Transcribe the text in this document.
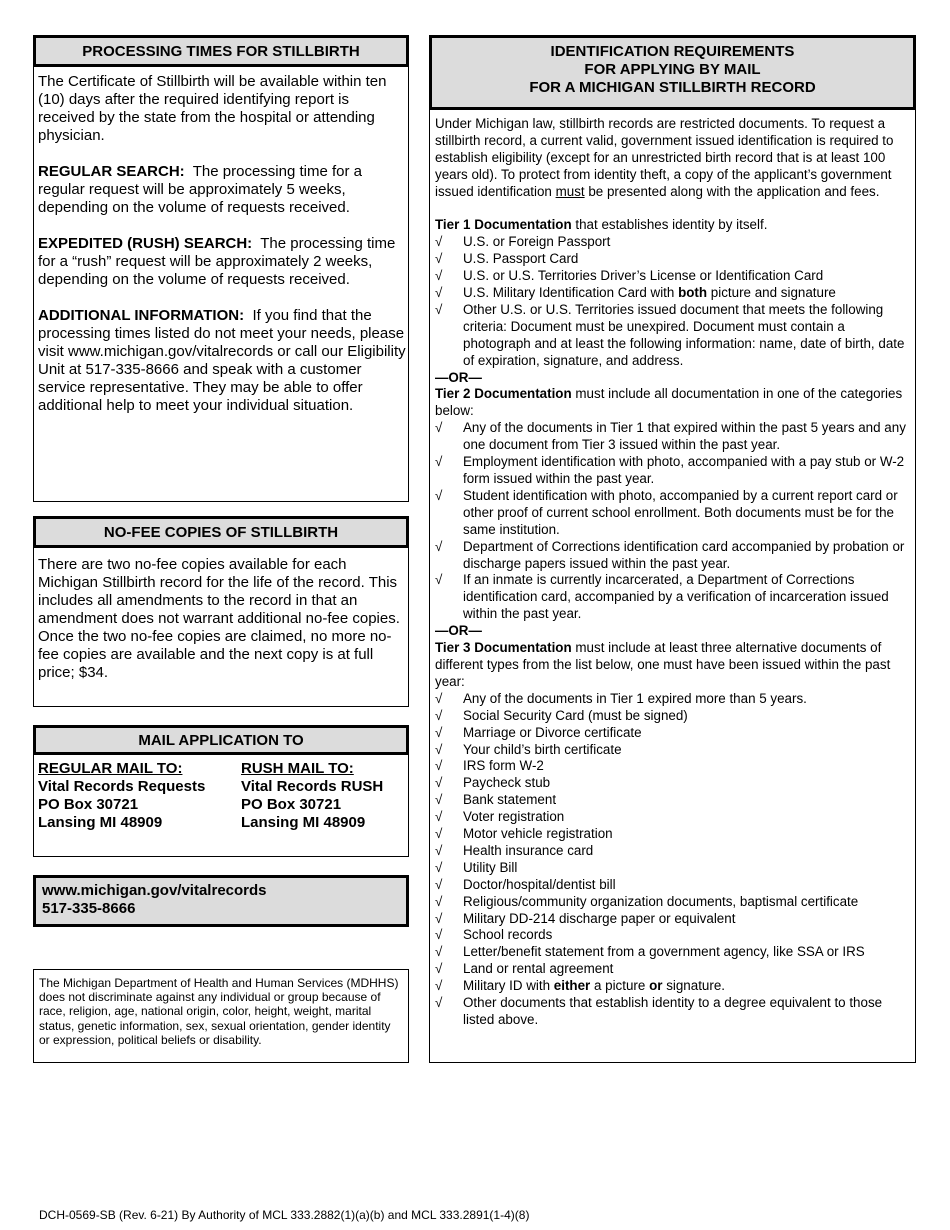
PROCESSING TIMES FOR STILLBIRTH

The Certificate of Stillbirth will be available within ten (10) days after the required identifying report is received by the state from the hospital or attending physician.

REGULAR SEARCH: The processing time for a regular request will be approximately 5 weeks, depending on the volume of requests received.

EXPEDITED (RUSH) SEARCH: The processing time for a “rush” request will be approximately 2 weeks, depending on the volume of requests received.

ADDITIONAL INFORMATION: If you find that the processing times listed do not meet your needs, please visit www.michigan.gov/vitalrecords or call our Eligibility Unit at 517-335-8666 and speak with a customer service representative. They may be able to offer additional help to meet your individual situation.

NO-FEE COPIES OF STILLBIRTH

There are two no-fee copies available for each Michigan Stillbirth record for the life of the record. This includes all amendments to the record in that an amendment does not warrant additional no-fee copies. Once the two no-fee copies are claimed, no more no-fee copies are available and the next copy is at full price; $34.

MAIL APPLICATION TO
REGULAR MAIL TO:
Vital Records Requests
PO Box 30721
Lansing MI 48909
RUSH MAIL TO:
Vital Records RUSH
PO Box 30721
Lansing MI 48909
www.michigan.gov/vitalrecords
517-335-8666

The Michigan Department of Health and Human Services (MDHHS) does not discriminate against any individual or group because of race, religion, age, national origin, color, height, weight, marital status, genetic information, sex, sexual orientation, gender identity or expression, political beliefs or disability.

IDENTIFICATION REQUIREMENTS
FOR APPLYING BY MAIL
FOR A MICHIGAN STILLBIRTH RECORD

Under Michigan law, stillbirth records are restricted documents. To request a stillbirth record, a current valid, government issued identification is required to establish eligibility (except for an unrestricted birth record that is at least 100 years old). To protect from identity theft, a copy of the applicant’s government issued identification must be presented along with the application and fees.

Tier 1 Documentation that establishes identity by itself.

√ U.S. or Foreign Passport
√ U.S. Passport Card
√ U.S. or U.S. Territories Driver’s License or Identification Card
√ U.S. Military Identification Card with both picture and signature
√ Other U.S. or U.S. Territories issued document that meets the following criteria: Document must be unexpired. Document must contain a photograph and at least the following information: name, date of birth, date of expiration, signature, and address.

—OR—

Tier 2 Documentation must include all documentation in one of the categories below:

√ Any of the documents in Tier 1 that expired within the past 5 years and any one document from Tier 3 issued within the past year.
√ Employment identification with photo, accompanied with a pay stub or W-2 form issued within the past year.
√ Student identification with photo, accompanied by a current report card or other proof of current school enrollment. Both documents must be for the same institution.
√ Department of Corrections identification card accompanied by probation or discharge papers issued within the past year.
√ If an inmate is currently incarcerated, a Department of Corrections identification card, accompanied by a verification of incarceration issued within the past year.

—OR—

Tier 3 Documentation must include at least three alternative documents of different types from the list below, one must have been issued within the past year:

√ Any of the documents in Tier 1 expired more than 5 years.
√ Social Security Card (must be signed)
√ Marriage or Divorce certificate
√ Your child’s birth certificate
√ IRS form W-2
√ Paycheck stub
√ Bank statement
√ Voter registration
√ Motor vehicle registration
√ Health insurance card
√ Utility Bill
√ Doctor/hospital/dentist bill
√ Religious/community organization documents, baptismal certificate
√ Military DD-214 discharge paper or equivalent
√ School records
√ Letter/benefit statement from a government agency, like SSA or IRS
√ Land or rental agreement
√ Military ID with either a picture or signature.
√ Other documents that establish identity to a degree equivalent to those listed above.
DCH-0569-SB (Rev. 6-21) By Authority of MCL 333.2882(1)(a)(b) and MCL 333.2891(1-4)(8)
